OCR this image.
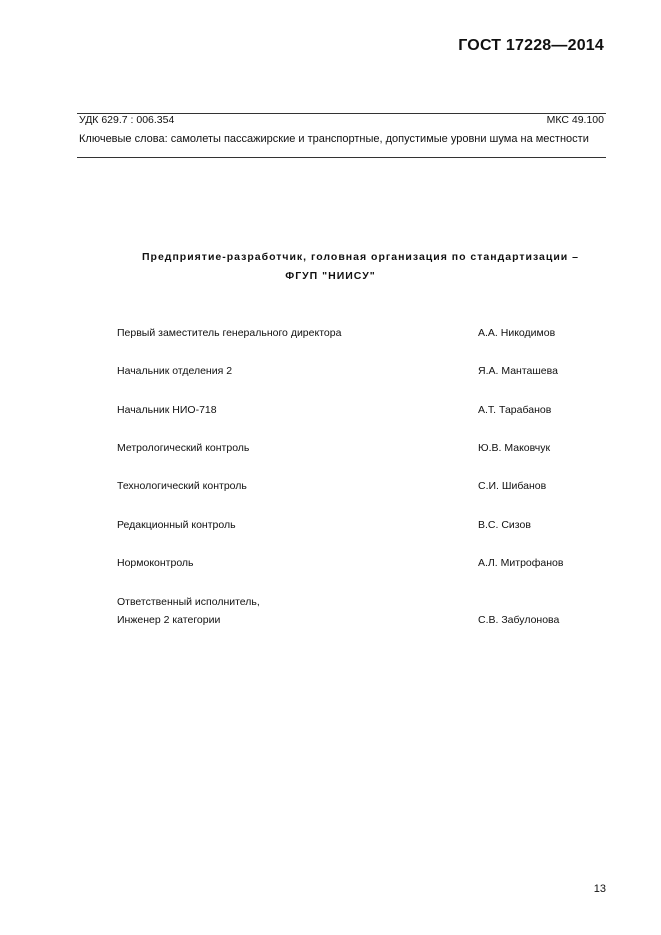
ГОСТ 17228—2014
УДК 629.7 : 006.354	МКС 49.100
Ключевые слова: самолеты пассажирские и транспортные, допустимые уровни шума на местности
Предприятие-разработчик, головная организация по стандартизации –
ФГУП "НИИСУ"
Первый заместитель генерального директора	А.А. Никодимов
Начальник отделения 2	Я.А. Манташева
Начальник НИО-718	А.Т. Тарабанов
Метрологический контроль	Ю.В. Маковчук
Технологический контроль	С.И. Шибанов
Редакционный контроль	В.С. Сизов
Нормоконтроль	А.Л. Митрофанов
Ответственный исполнитель,
Инженер 2 категории	С.В. Забулонова
13
